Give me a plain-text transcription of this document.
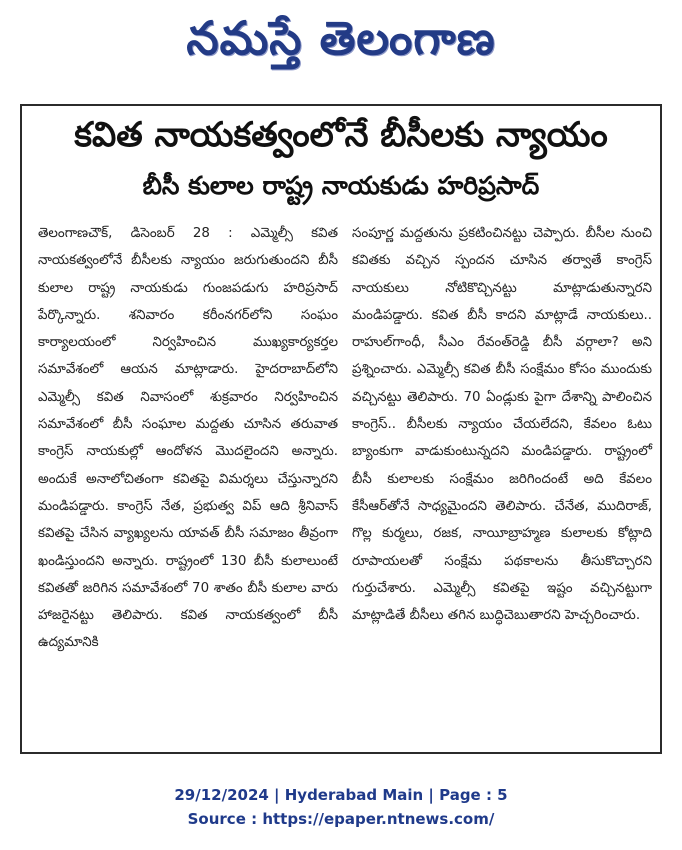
నమస్తే తెలంగాణ
కవిత నాయకత్వంలోనే బీసీలకు న్యాయం
బీసీ కులాల రాష్ట్ర నాయకుడు హరిప్రసాద్

తెలంగాణచౌక్, డిసెంబర్ 28 : ఎమ్మెల్సీ కవిత నాయకత్వంలోనే బీసీలకు న్యాయం జరుగుతుందని బీసీ కులాల రాష్ట్ర నాయకుడు గుంజపడుగు హరిప్రసాద్ పేర్కొన్నారు. శనివారం కరీంనగర్‌లోని సంఘం కార్యాలయంలో నిర్వహించిన ముఖ్యకార్యకర్తల సమావేశంలో ఆయన మాట్లాడారు. హైదరాబాద్‌లోని ఎమ్మెల్సీ కవిత నివాసంలో శుక్రవారం నిర్వహించిన సమావేశంలో బీసీ సంఘాల మద్దతు చూసిన తరువాత కాంగ్రెస్ నాయకుల్లో ఆందోళన మొదలైందని అన్నారు. అందుకే అనాలోచితంగా కవితపై విమర్శలు చేస్తున్నారని మండిపడ్డారు. కాంగ్రెస్ నేత, ప్రభుత్వ విప్ ఆది శ్రీనివాస్ కవితపై చేసిన వ్యాఖ్యలను యావత్ బీసీ సమాజం తీవ్రంగా ఖండిస్తుందని అన్నారు. రాష్ట్రంలో 130 బీసీ కులాలుంటే కవితతో జరిగిన సమావేశంలో 70 శాతం బీసీ కులాల వారు హాజరైనట్టు తెలిపారు. కవిత నాయకత్వంలో బీసీ ఉద్యమానికి

సంపూర్ణ మద్దతును ప్రకటించినట్టు చెప్పారు. బీసీల నుంచి కవితకు వచ్చిన స్పందన చూసిన తర్వాతే కాంగ్రెస్ నాయకులు నోటికొచ్చినట్టు మాట్లాడుతున్నారని మండిపడ్డారు. కవిత బీసీ కాదని మాట్లాడే నాయకులు.. రాహుల్‌గాంధీ, సీఎం రేవంత్‌రెడ్డి బీసీ వర్గాలా? అని ప్రశ్నించారు. ఎమ్మెల్సీ కవిత బీసీ సంక్షేమం కోసం ముందుకు వచ్చినట్టు తెలిపారు. 70 ఏండ్లుకు పైగా దేశాన్ని పాలించిన కాంగ్రెస్.. బీసీలకు న్యాయం చేయలేదని, కేవలం ఓటు బ్యాంకుగా వాడుకుంటున్నదని మండిపడ్డారు. రాష్ట్రంలో బీసీ కులాలకు సంక్షేమం జరిగిందంటే అది కేవలం కేసీఆర్‌తోనే సాధ్యమైందని తెలిపారు. చేనేత, ముదిరాజ్, గొల్ల కుర్మలు, రజక, నాయీబ్రాహ్మణ కులాలకు కోట్లాది రూపాయలతో సంక్షేమ పథకాలను తీసుకొచ్చారని గుర్తుచేశారు. ఎమ్మెల్సీ కవితపై ఇష్టం వచ్చినట్టుగా మాట్లాడితే బీసీలు తగిన బుద్ధిచెబుతారని హెచ్చరించారు.

29/12/2024 | Hyderabad Main | Page : 5
Source : https://epaper.ntnews.com/
